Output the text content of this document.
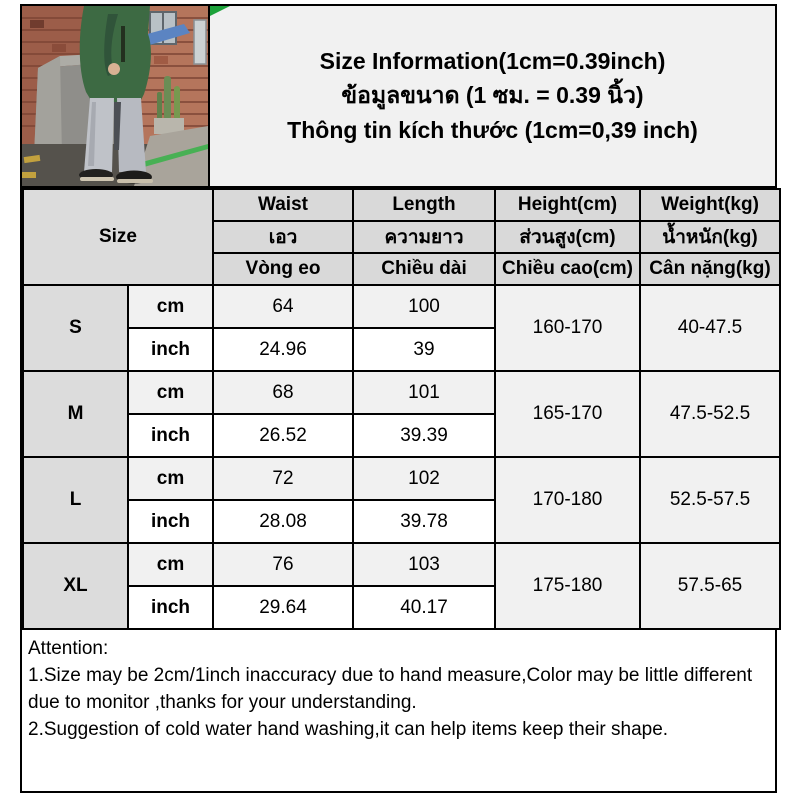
Size Information(1cm=0.39inch)
ข้อมูลขนาด (1 ซม. = 0.39 นิ้ว)
Thông tin kích thước (1cm=0,39 inch)
Size		Waist	Length	Height(cm)	Weight(kg)
		เอว	ความยาว	ส่วนสูง(cm)	น้ำหนัก(kg)
		Vòng eo	Chiều dài	Chiều cao(cm)	Cân nặng(kg)
S	cm	64	100	160-170	40-47.5
	inch	24.96	39		
M	cm	68	101	165-170	47.5-52.5
	inch	26.52	39.39		
L	cm	72	102	170-180	52.5-57.5
	inch	28.08	39.78		
XL	cm	76	103	175-180	57.5-65
	inch	29.64	40.17		
Attention:
1.Size may be 2cm/1inch inaccuracy due to hand measure,Color may be little different due to monitor ,thanks for your understanding.
2.Suggestion of cold water hand washing,it can help items keep their shape.
